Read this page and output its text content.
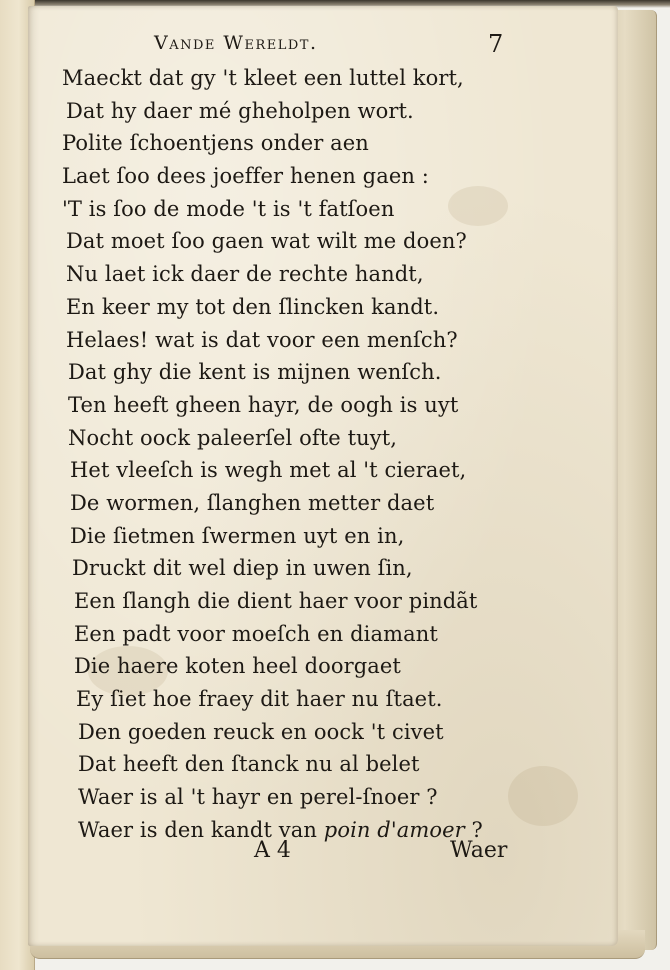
Vande Wereldt.	7
Maeckt dat gy 't kleet een luttel kort,
Dat hy daer mé gheholpen wort.
Polite ſchoentjens onder aen
Laet ſoo dees joeffer henen gaen :
'T is ſoo de mode 't is 't fatſoen
Dat moet ſoo gaen wat wilt me doen?
Nu laet ick daer de rechte handt,
En keer my tot den ſlincken kandt.
Helaes! wat is dat voor een menſch?
Dat ghy die kent is mijnen wenſch.
Ten heeft gheen hayr, de oogh is uyt
Nocht oock paleerſel ofte tuyt,
Het vleeſch is wegh met al 't cieraet,
De wormen, ſlanghen metter daet
Die ſietmen ſwermen uyt en in,
Druckt dit wel diep in uwen ſin,
Een ſlangh die dient haer voor pindãt
Een padt voor moeſch en diamant
Die haere koten heel doorgaet
Ey ſiet hoe fraey dit haer nu ſtaet.
Den goeden reuck en oock 't civet
Dat heeft den ſtanck nu al belet
Waer is al 't hayr en perel-ſnoer ?
Waer is den kandt van poin d'amoer ?
A 4	Waer
